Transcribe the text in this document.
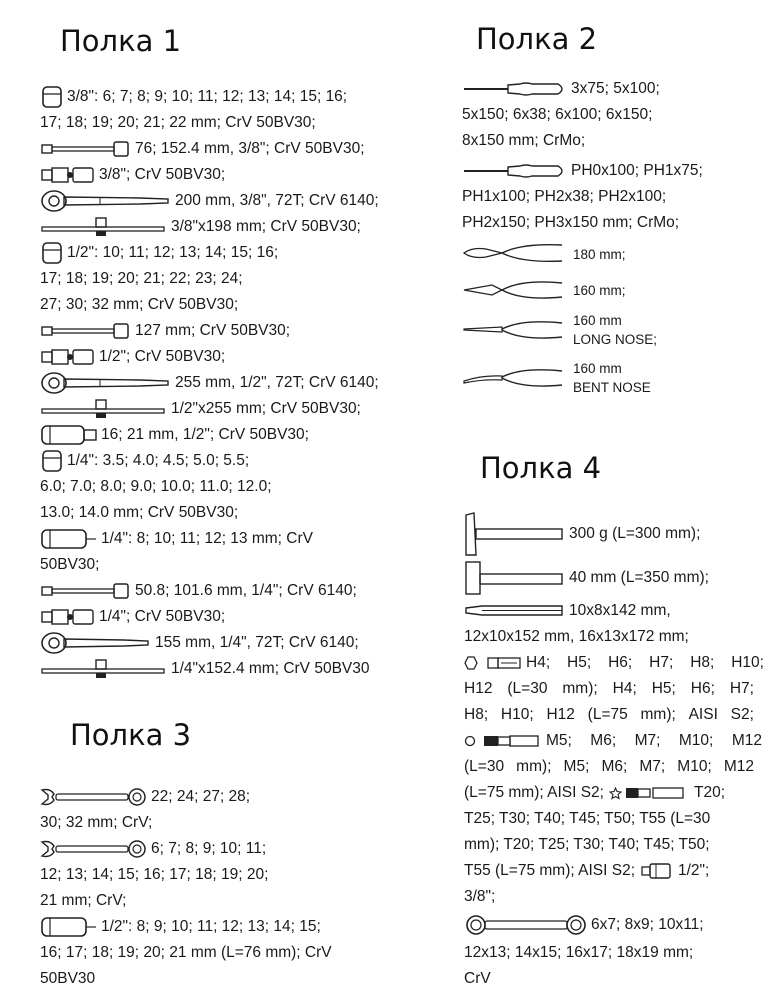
Полка 1	Полка 2
Полка 3
Полка 4
3/8": 6; 7; 8; 9; 10; 11; 12; 13; 14; 15; 16;
17; 18; 19; 20; 21; 22 mm; CrV 50BV30;
76; 152.4 mm, 3/8"; CrV 50BV30;
3/8"; CrV 50BV30;
200 mm, 3/8", 72T; CrV 6140;
3/8"x198 mm; CrV 50BV30;
1/2": 10; 11; 12; 13; 14; 15; 16;
17; 18; 19; 20; 21; 22; 23; 24;
27; 30; 32 mm; CrV 50BV30;
127 mm; CrV 50BV30;
1/2"; CrV 50BV30;
255 mm, 1/2", 72T; CrV 6140;
1/2"x255 mm; CrV 50BV30;
16; 21 mm, 1/2"; CrV 50BV30;
1/4": 3.5; 4.0; 4.5; 5.0; 5.5;
6.0; 7.0; 8.0; 9.0; 10.0; 11.0; 12.0;
13.0; 14.0 mm; CrV 50BV30;
1/4": 8; 10; 11; 12; 13 mm; CrV
50BV30;
50.8; 101.6 mm, 1/4"; CrV 6140;
1/4"; CrV 50BV30;
155 mm, 1/4", 72T; CrV 6140;
1/4"x152.4 mm; CrV 50BV30
3x75; 5x100;
5x150; 6x38; 6x100; 6x150;
8x150 mm; CrMo;
PH0x100; PH1x75;
PH1x100; PH2x38; PH2x100;
PH2x150; PH3x150 mm; CrMo;
180 mm;
160 mm;
160 mm
LONG NOSE;
160 mm
BENT NOSE
22; 24; 27; 28;
30; 32 mm; CrV;
6; 7; 8; 9; 10; 11;
12; 13; 14; 15; 16; 17; 18; 19; 20;
21 mm; CrV;
1/2": 8; 9; 10; 11; 12; 13; 14; 15;
16; 17; 18; 19; 20; 21 mm (L=76 mm); CrV
50BV30
300 g (L=300 mm);
40 mm (L=350 mm);
10x8x142 mm,
12x10x152 mm, 16x13x172 mm;
H4; H5; H6; H7; H8; H10;
H12 (L=30 mm); H4; H5; H6; H7;
H8; H10; H12 (L=75 mm); AISI S2;
M5; M6; M7; M10; M12
(L=30 mm); M5; M6; M7; M10; M12
(L=75 mm); AISI S2;	T20;
T25; T30; T40; T45; T50; T55 (L=30
mm); T20; T25; T30; T40; T45; T50;
T55 (L=75 mm); AISI S2;	1/2";
3/8";
6x7; 8x9; 10x11;
12x13; 14x15; 16x17; 18x19 mm;
CrV
